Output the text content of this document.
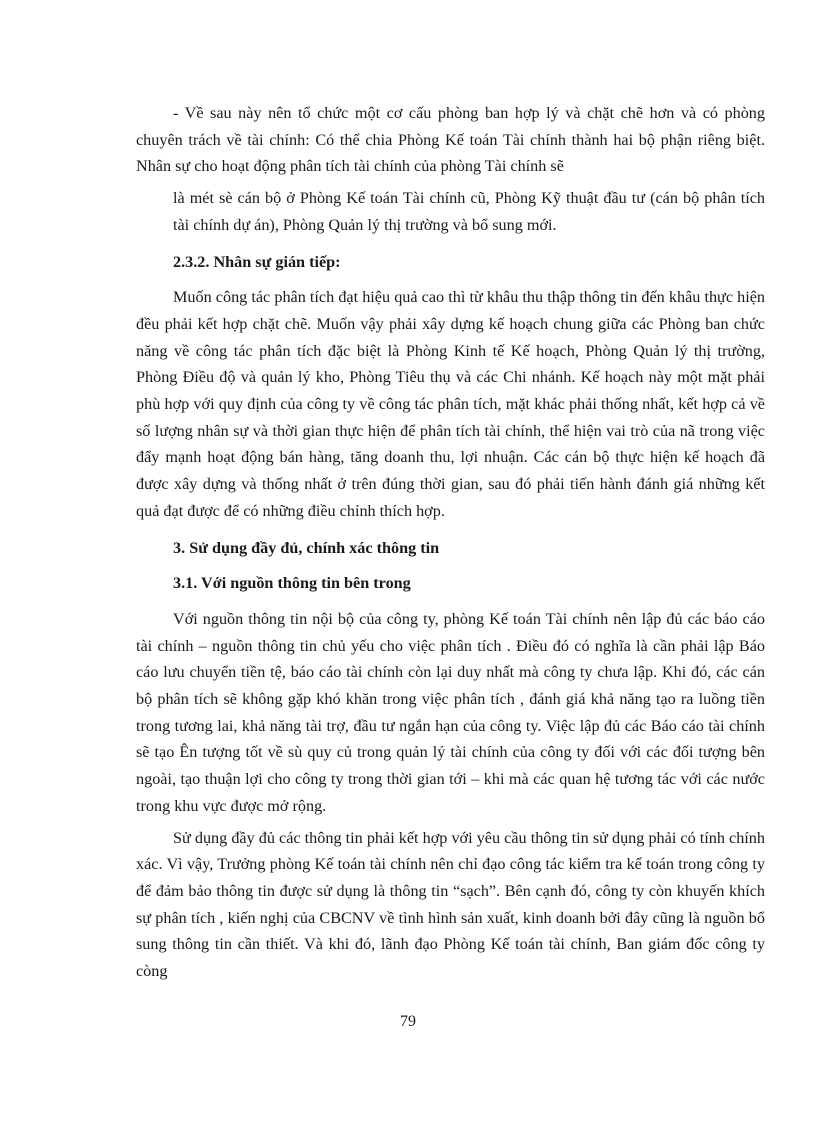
- Về sau này nên tổ chức một cơ cấu phòng ban hợp lý và chặt chẽ hơn và có phòng chuyên trách về tài chính: Có thể chia Phòng Kế toán Tài chính thành hai bộ phận riêng biệt. Nhân sự cho hoạt động phân tích tài chính của phòng Tài chính sẽ

là mét sè cán bộ ở Phòng Kế toán Tài chính cũ, Phòng Kỹ thuật đầu tư (cán bộ phân tích tài chính dự án), Phòng Quản lý thị trường và bổ sung mới.

2.3.2. Nhân sự gián tiếp:

Muốn công tác phân tích đạt hiệu quả cao thì từ khâu thu thập thông tin đến khâu thực hiện đều phải kết hợp chặt chẽ. Muốn vậy phải xây dựng kế hoạch chung giữa các Phòng ban chức năng về công tác phân tích đặc biệt là Phòng Kinh tế Kế hoạch, Phòng Quản lý thị trường, Phòng Điều độ và quản lý kho, Phòng Tiêu thụ và các Chi nhánh. Kế hoạch này một mặt phải phù hợp với quy định của công ty về công tác phân tích, mặt khác phải thống nhất, kết hợp cả về số lượng nhân sự và thời gian thực hiện để phân tích tài chính, thể hiện vai trò của nã trong việc đẩy mạnh hoạt động bán hàng, tăng doanh thu, lợi nhuận. Các cán bộ thực hiện kế hoạch đã được xây dựng và thống nhất ở trên đúng thời gian, sau đó phải tiến hành đánh giá những kết quả đạt được để có những điều chỉnh thích hợp.

3. Sử dụng đầy đủ, chính xác thông tin
3.1. Với nguồn thông tin bên trong

Với nguồn thông tin nội bộ của công ty, phòng Kế toán Tài chính nên lập đủ các báo cáo tài chính – nguồn thông tin chủ yếu cho việc phân tích . Điều đó có nghĩa là cần phải lập Báo cáo lưu chuyển tiền tệ, báo cáo tài chính còn lại duy nhất mà công ty chưa lập. Khi đó, các cán bộ phân tích sẽ không gặp khó khăn trong việc phân tích , đánh giá khả năng tạo ra luồng tiền trong tương lai, khả năng tài trợ, đầu tư ngắn hạn của công ty. Việc lập đủ các Báo cáo tài chính sẽ tạo Ên tượng tốt về sù quy củ trong quản lý tài chính của công ty đối với các đối tượng bên ngoài, tạo thuận lợi cho công ty trong thời gian tới – khi mà các quan hệ tương tác với các nước trong khu vực được mở rộng.

Sử dụng đầy đủ các thông tin phải kết hợp với yêu cầu thông tin sử dụng phải có tính chính xác. Vì vậy, Trưởng phòng Kế toán tài chính nên chỉ đạo công tác kiểm tra kế toán trong công ty để đảm bảo thông tin được sử dụng là thông tin “sạch”. Bên cạnh đó, công ty còn khuyến khích sự phân tích , kiến nghị của CBCNV về tình hình sản xuất, kinh doanh bởi đây cũng là nguồn bổ sung thông tin cần thiết. Và khi đó, lãnh đạo Phòng Kế toán tài chính, Ban giám đốc công ty còng

79
